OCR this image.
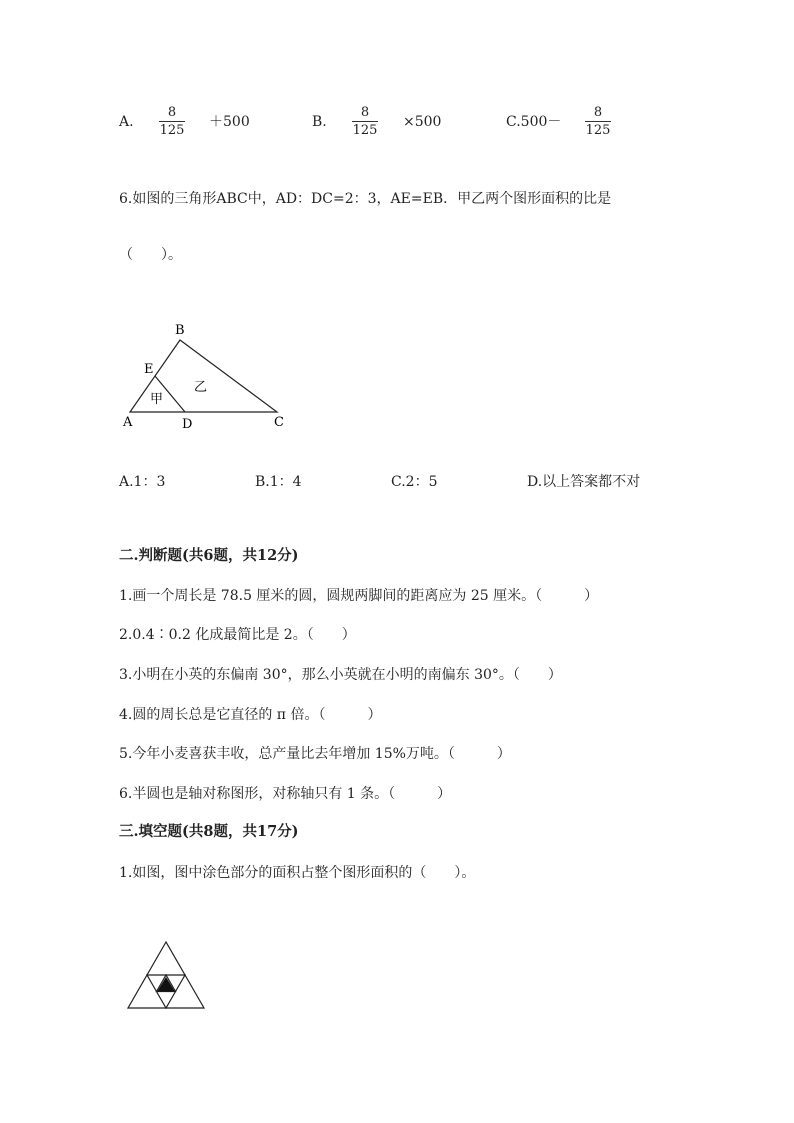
A.
8
125
＋500	B.
8
125
×500	C.500－
8
125
6.如图的三角形ABC中，AD：DC=2：3，AE=EB．甲乙两个图形面积的比是
（　　）。
B
E
A	D	C
甲
乙
A.1：3	B.1：4	C.2：5	D.以上答案都不对
二.判断题(共6题，共12分)
1.画一个周长是 78.5 厘米的圆，圆规两脚间的距离应为 25 厘米。（　　　）
2.0.4∶0.2 化成最简比是 2。（　　）
3.小明在小英的东偏南 30°，那么小英就在小明的南偏东 30°。（　　）
4.圆的周长总是它直径的 π 倍。（　　　）
5.今年小麦喜获丰收，总产量比去年增加 15%万吨。（　　　）
6.半圆也是轴对称图形，对称轴只有 1 条。（　　　）
三.填空题(共8题，共17分)
1.如图，图中涂色部分的面积占整个图形面积的（　　）。
